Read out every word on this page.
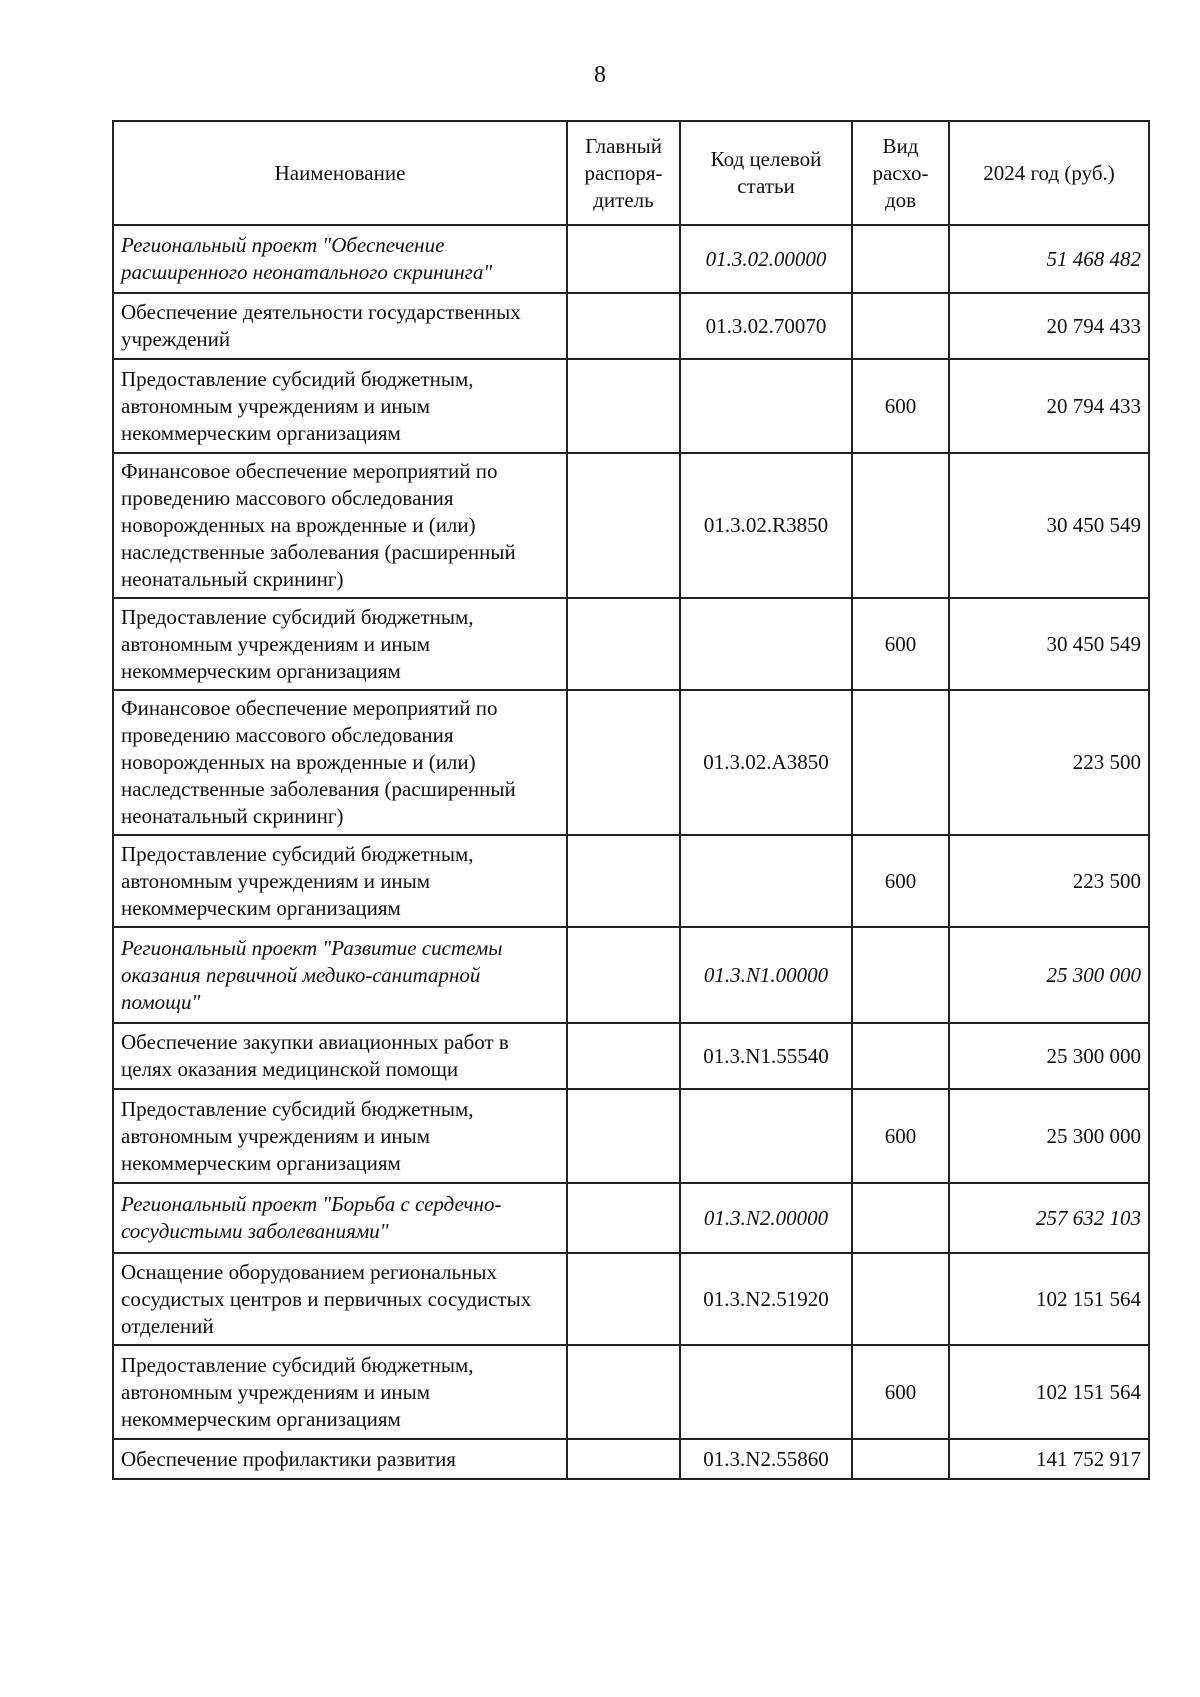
8
Наименование	Главный распоря-дитель	Код целевой статьи	Вид расхо-дов	2024 год (руб.)
Региональный проект "Обеспечение расширенного неонатального скрининга"		01.3.02.00000		51 468 482
Обеспечение деятельности государственных учреждений		01.3.02.70070		20 794 433
Предоставление субсидий бюджетным, автономным учреждениям и иным некоммерческим организациям			600	20 794 433
Финансовое обеспечение мероприятий по проведению массового обследования новорожденных на врожденные и (или) наследственные заболевания (расширенный неонатальный скрининг)		01.3.02.R3850		30 450 549
Предоставление субсидий бюджетным, автономным учреждениям и иным некоммерческим организациям			600	30 450 549
Финансовое обеспечение мероприятий по проведению массового обследования новорожденных на врожденные и (или) наследственные заболевания (расширенный неонатальный скрининг)		01.3.02.A3850		223 500
Предоставление субсидий бюджетным, автономным учреждениям и иным некоммерческим организациям			600	223 500
Региональный проект "Развитие системы оказания первичной медико-санитарной помощи"		01.3.N1.00000		25 300 000
Обеспечение закупки авиационных работ в целях оказания медицинской помощи		01.3.N1.55540		25 300 000
Предоставление субсидий бюджетным, автономным учреждениям и иным некоммерческим организациям			600	25 300 000
Региональный проект "Борьба с сердечно-сосудистыми заболеваниями"		01.3.N2.00000		257 632 103
Оснащение оборудованием региональных сосудистых центров и первичных сосудистых отделений		01.3.N2.51920		102 151 564
Предоставление субсидий бюджетным, автономным учреждениям и иным некоммерческим организациям			600	102 151 564
Обеспечение профилактики развития		01.3.N2.55860		141 752 917
